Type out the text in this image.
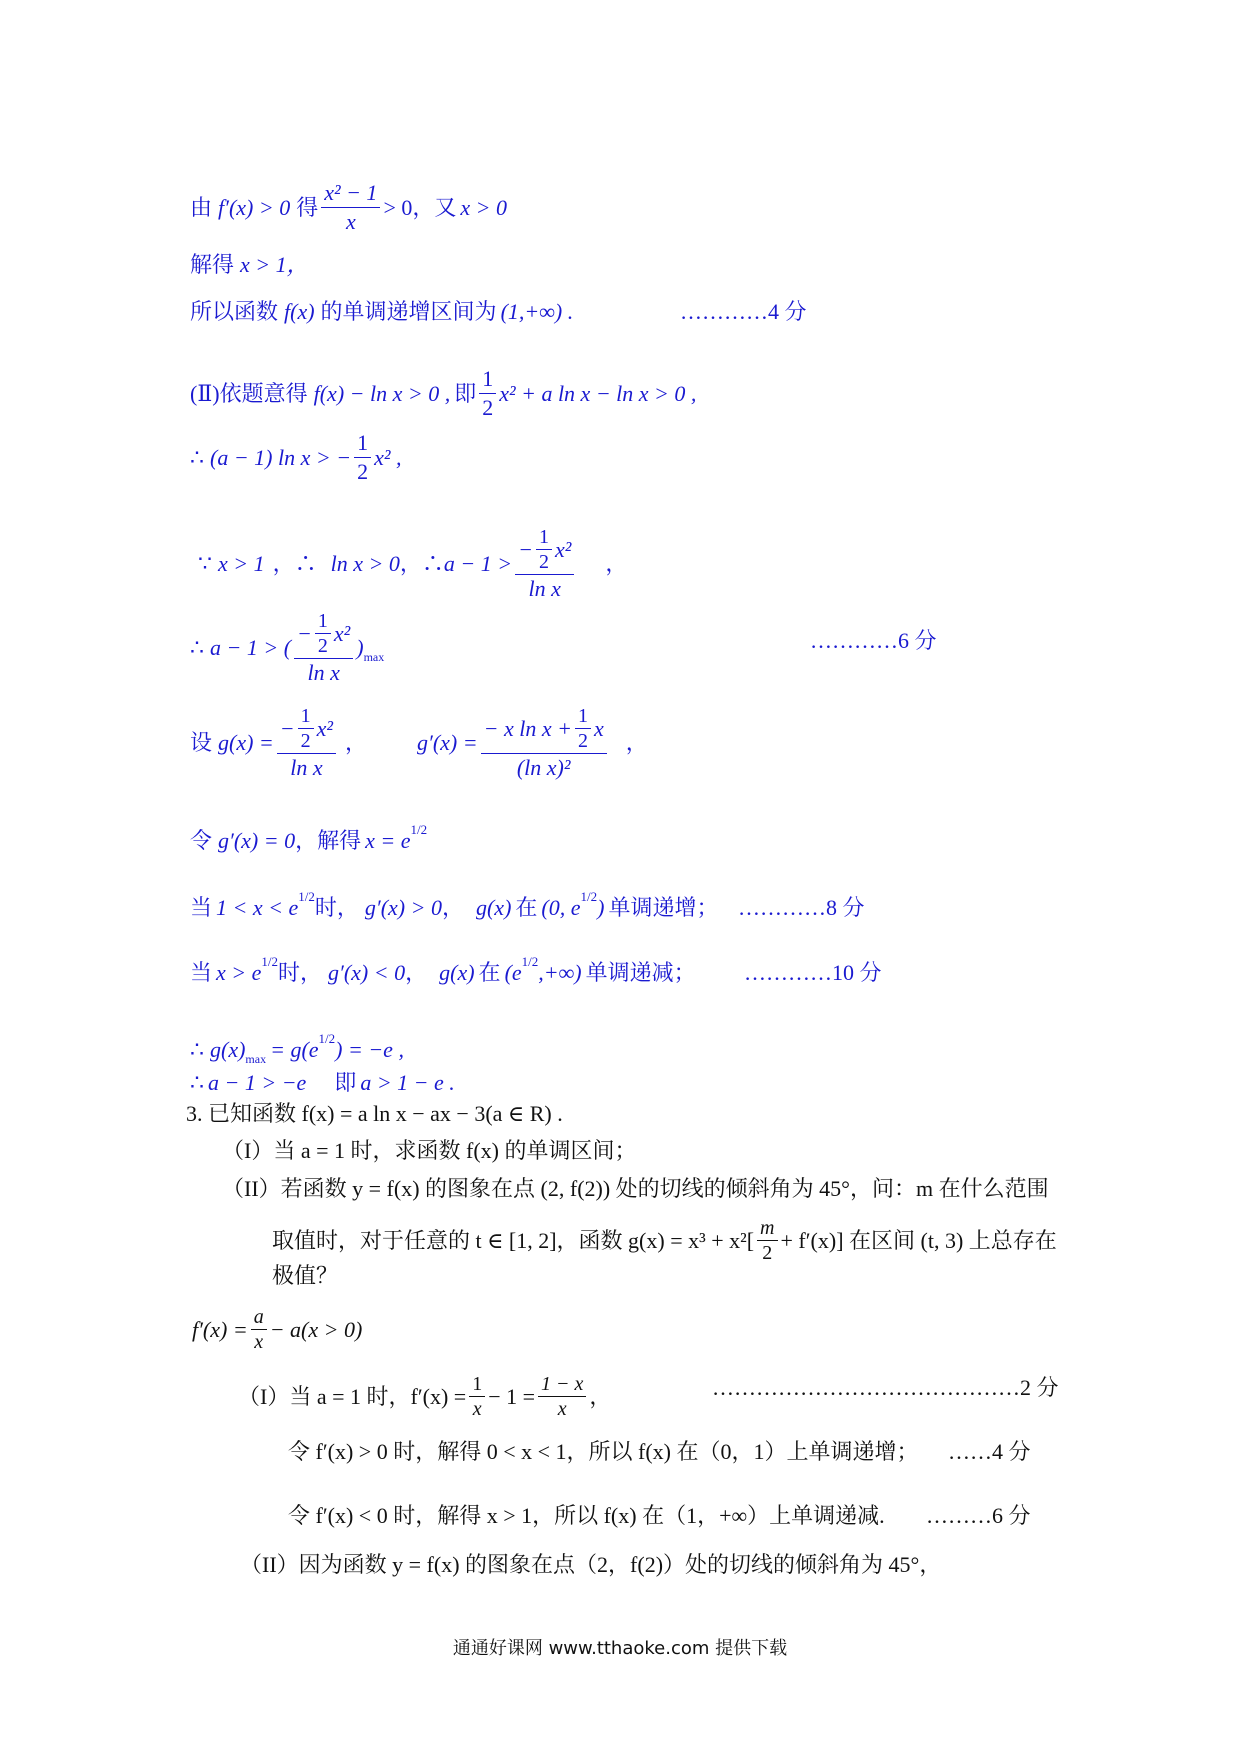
由 f′(x) > 0 得 $\frac{\text{x² − 1}}{x} > 0$，又 x > 0
解得 x > 1，
所以函数 f(x) 的单调递增区间为 (1,+∞) .	…………4 分
(Ⅱ)依题意得 f(x) − ln x > 0 , 即 $\frac{1}{2} x^2 + a$ ln x − ln x > 0 ,
∴ (a − 1) ln x > − $\frac{1}{2} x^2$ ,
∵ x > 1 ，∴ ln x > 0 ，∴ $a - 1 > \frac{- \frac{1}{2} x^2}{\text{ln x}}$ ，
∴ a − 1 > ( $\frac{- \frac{1}{2} x^2}{\text{ln x}}$ ) max
…………6 分
设 $g(x) = \frac{- \frac{1}{2} x^2}{\text{ln x}}$ ， g′(x) =
− x $\ln x + \frac{1}{2}$ x
(ln x)²
，
令 g′(x) = 0 ，解得 x = e 1/2
当 1 < x < e 1/2 时， g′(x) > 0 ， g(x) 在 (0, e 1/2 ) 单调递增； …………8 分
当 x > e 1/2 时， g′(x) < 0 ， g(x) 在 (e 1/2 ,+∞) 单调递减； …………10 分
∴ g(x) max = g(e 1/2 ) = −e ,
∴ a − 1 > −e 即 a > 1 − e .
3. 已知函数 f(x) = a ln x − ax − 3(a ∈ R) .
（I）当 a = 1 时，求函数 f(x) 的单调区间；
（II）若函数 y = f(x) 的图象在点 (2, f(2)) 处的切线的倾斜角为 45°，问：m 在什么范围
取值时，对于任意的 t ∈ [1, 2]，函数 $g(x) = x^3 + x^2[ \frac{m}{2} + f'(x)]$ 在区间 (t, 3) 上总存在
极值？
$f'(x) = \frac{a}{x} - a(x > 0)$
（I）当 a = 1 时，$f'(x) = \frac{1}{x} - 1 = \frac{1 - x}{x}$ ，	……………………………………2 分
令 f′(x) > 0 时，解得 0 < x < 1，所以 f(x) 在（0，1）上单调递增； ……4 分
令 f′(x) < 0 时，解得 x > 1，所以 f(x) 在（1，+∞）上单调递减. ………6 分
（II）因为函数 y = f(x) 的图象在点（2，f(2)）处的切线的倾斜角为 45°，
通通好课网 www.tthaoke.com 提供下载
